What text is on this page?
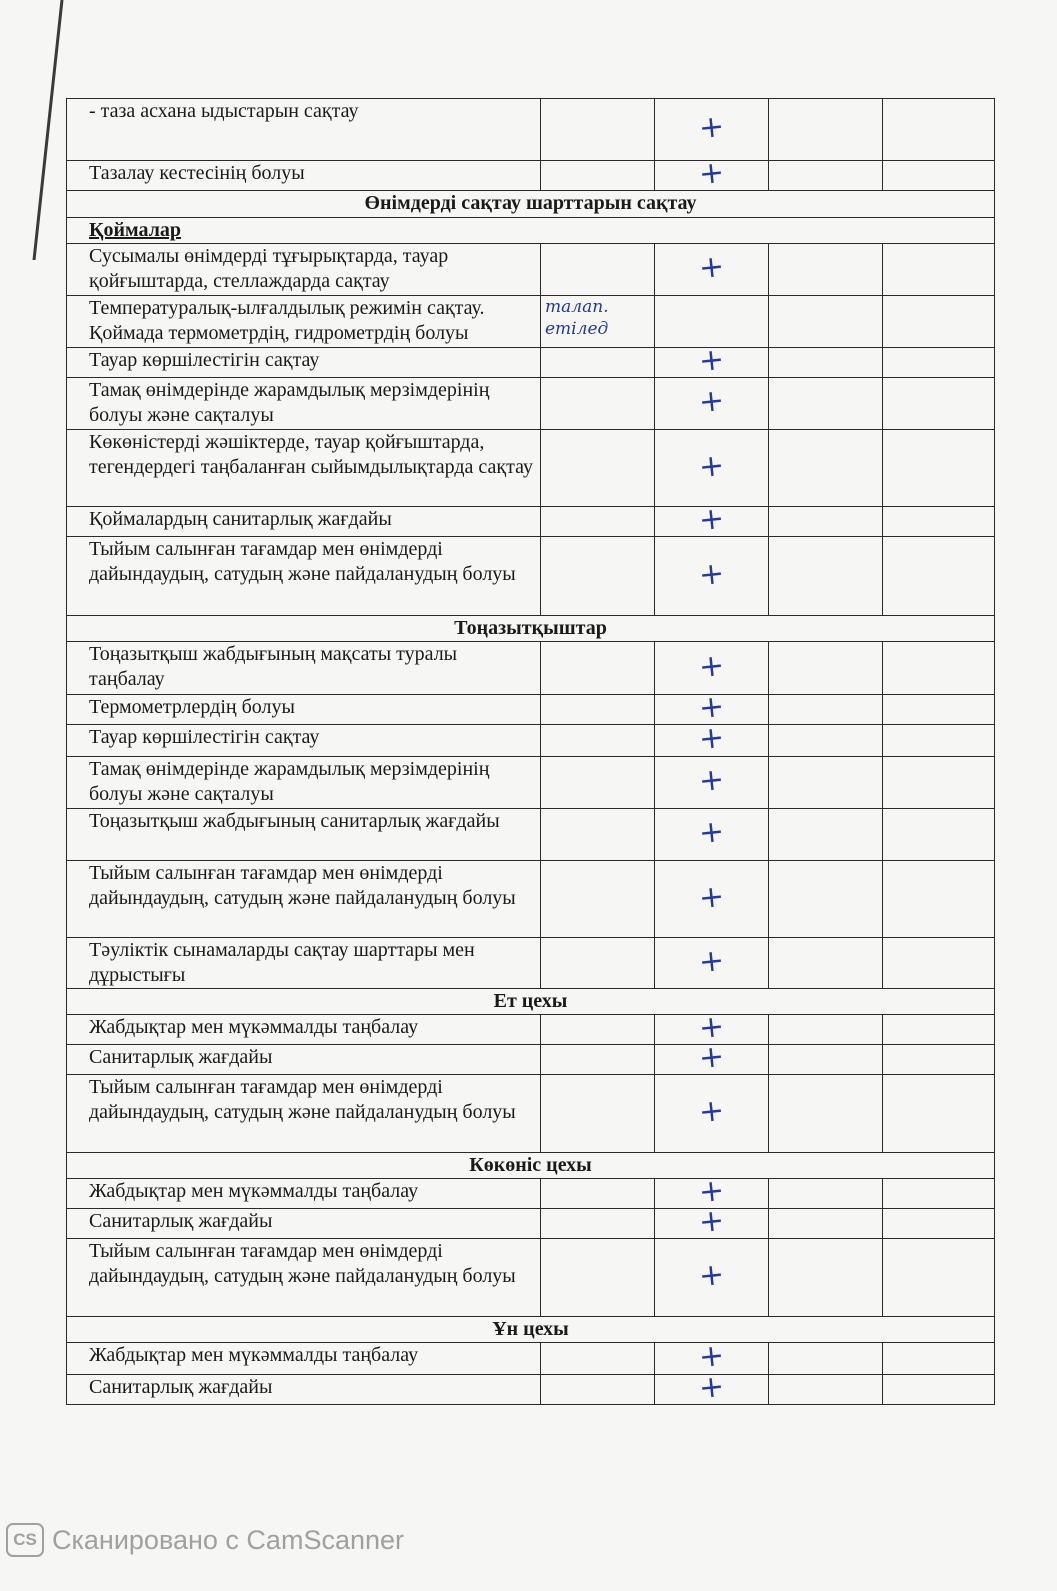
- таза асхана ыдыстарын сақтау		+		
Тазалау кестесінің болуы		+		
Өнімдерді сақтау шарттарын сақтау				
Қоймалар				
Сусымалы өнімдерді тұғырықтарда, тауар қойғыштарда, стеллаждарда сақтау		+		
Температуралық-ылғалдылық режимін сақтау. Қоймада термометрдің, гидрометрдің болуы	талап. етілед			
Тауар көршілестігін сақтау		+		
Тамақ өнімдерінде жарамдылық мерзімдерінің болуы және сақталуы		+		
Көкөністерді жәшіктерде, тауар қойғыштарда, тегендердегі таңбаланған сыйымдылықтарда сақтау		+		
Қоймалардың санитарлық жағдайы		+		
Тыйым салынған тағамдар мен өнімдерді дайындаудың, сатудың және пайдаланудың болуы		+		
Тоңазытқыштар				
Тоңазытқыш жабдығының мақсаты туралы таңбалау		+		
Термометрлердің болуы		+		
Тауар көршілестігін сақтау		+		
Тамақ өнімдерінде жарамдылық мерзімдерінің болуы және сақталуы		+		
Тоңазытқыш жабдығының санитарлық жағдайы		+		
Тыйым салынған тағамдар мен өнімдерді дайындаудың, сатудың және пайдаланудың болуы		+		
Тәуліктік сынамаларды сақтау шарттары мен дұрыстығы		+		
Ет цехы				
Жабдықтар мен мүкәммалды таңбалау		+		
Санитарлық жағдайы		+		
Тыйым салынған тағамдар мен өнімдерді дайындаудың, сатудың және пайдаланудың болуы		+		
Көкөніс цехы				
Жабдықтар мен мүкәммалды таңбалау		+		
Санитарлық жағдайы		+		
Тыйым салынған тағамдар мен өнімдерді дайындаудың, сатудың және пайдаланудың болуы		+		
Ұн цехы				
Жабдықтар мен мүкәммалды таңбалау		+		
Санитарлық жағдайы		+		
CS Сканировано с CamScanner
